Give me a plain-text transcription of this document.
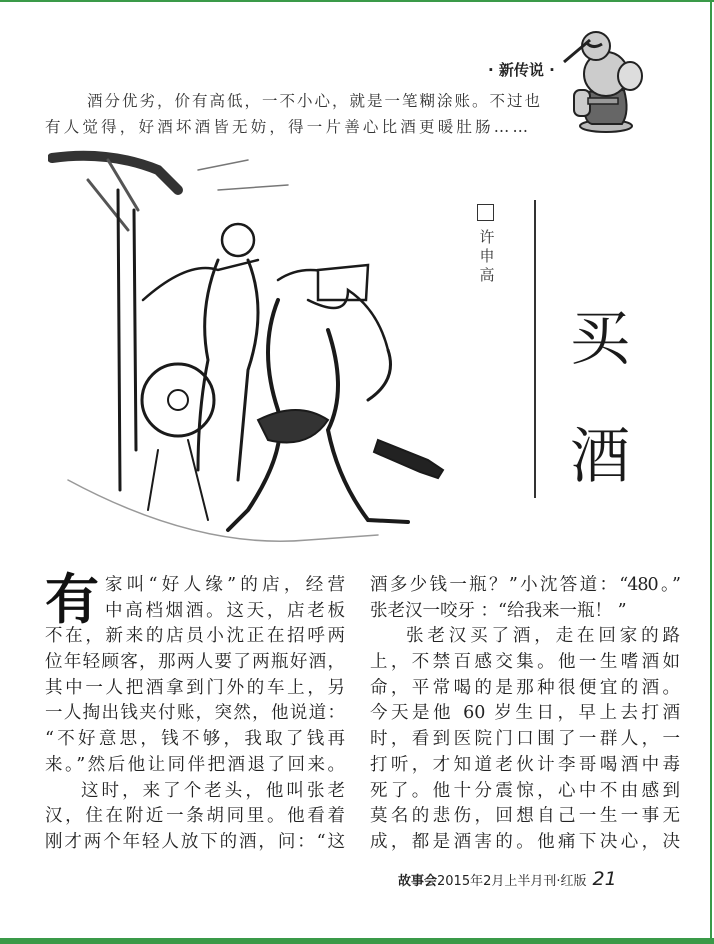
· 新传说 ·
酒分优劣，价有高低，一不小心，就是一笔糊涂账。不过也
有人觉得，好酒坏酒皆无妨，得一片善心比酒更暖肚肠……
许申高
买
酒
有 家叫“好人缘”的店，经营
中高档烟酒。这天，店老板
不在，新来的店员小沈正在招呼两
位年轻顾客，那两人要了两瓶好酒，
其中一人把酒拿到门外的车上，另
一人掏出钱夹付账，突然，他说道：
“不好意思，钱不够，我取了钱再
来。”然后他让同伴把酒退了回来。
这时，来了个老头，他叫张老
汉，住在附近一条胡同里。他看着
刚才两个年轻人放下的酒，问：“这
酒多少钱一瓶？”小沈答道：“480。”
张老汉一咬牙 ：“给我来一瓶！ ”
张老汉买了酒，走在回家的路
上，不禁百感交集。他一生嗜酒如
命，平常喝的是那种很便宜的酒。
今天是他 60 岁生日，早上去打酒
时，看到医院门口围了一群人，一
打听，才知道老伙计李哥喝酒中毒
死了。他十分震惊，心中不由感到
莫名的悲伤，回想自己一生一事无
成，都是酒害的。他痛下决心，决
故事会2015年2月上半月刊·红版 21
